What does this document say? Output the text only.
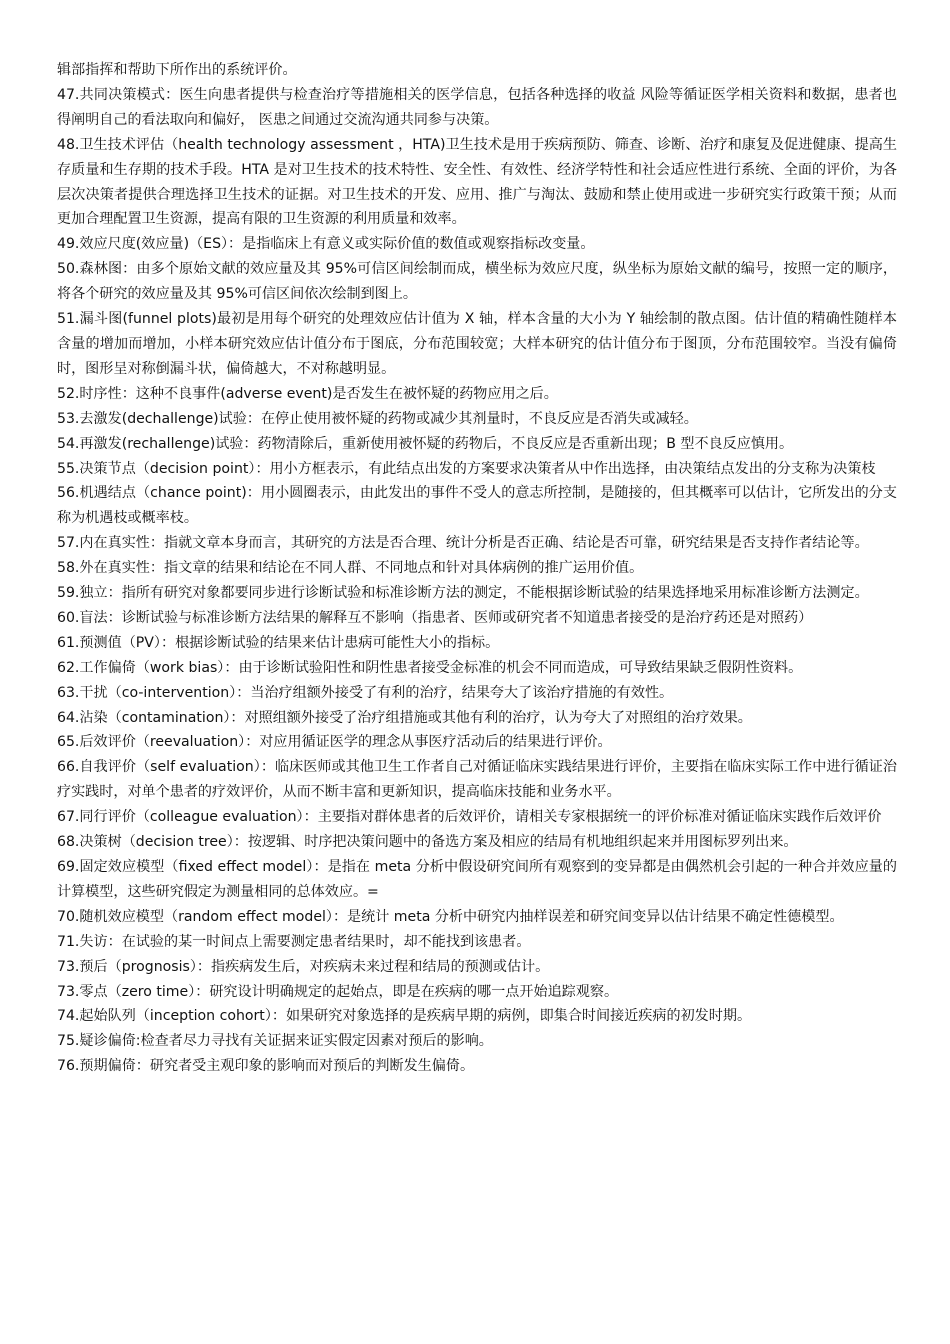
辑部指挥和帮助下所作出的系统评价。

47.共同决策模式：医生向患者提供与检查治疗等措施相关的医学信息，包括各种选择的收益 风险等循证医学相关资料和数据，患者也得阐明自己的看法取向和偏好， 医患之间通过交流沟通共同参与决策。

48.卫生技术评估（health technology assessment ，HTA)卫生技术是用于疾病预防、筛查、诊断、治疗和康复及促进健康、提高生存质量和生存期的技术手段。HTA 是对卫生技术的技术特性、安全性、有效性、经济学特性和社会适应性进行系统、全面的评价，为各层次决策者提供合理选择卫生技术的证据。对卫生技术的开发、应用、推广与淘汰、鼓励和禁止使用或进一步研究实行政策干预；从而更加合理配置卫生资源，提高有限的卫生资源的利用质量和效率。

49.效应尺度(效应量)（ES）：是指临床上有意义或实际价值的数值或观察指标改变量。

50.森林图：由多个原始文献的效应量及其 95%可信区间绘制而成，横坐标为效应尺度，纵坐标为原始文献的编号，按照一定的顺序，将各个研究的效应量及其 95%可信区间依次绘制到图上。

51.漏斗图(funnel plots)最初是用每个研究的处理效应估计值为 X 轴，样本含量的大小为 Y 轴绘制的散点图。估计值的精确性随样本含量的增加而增加，小样本研究效应估计值分布于图底，分布范围较宽；大样本研究的估计值分布于图顶，分布范围较窄。当没有偏倚时，图形呈对称倒漏斗状，偏倚越大，不对称越明显。

52.时序性：这种不良事件(adverse event)是否发生在被怀疑的药物应用之后。

53.去激发(dechallenge)试验：在停止使用被怀疑的药物或减少其剂量时，不良反应是否消失或减轻。

54.再激发(rechallenge)试验：药物清除后，重新使用被怀疑的药物后，不良反应是否重新出现；B 型不良反应慎用。

55.决策节点（decision point）：用小方框表示，有此结点出发的方案要求决策者从中作出选择，由决策结点发出的分支称为决策枝

56.机遇结点（chance point)：用小圆圈表示，由此发出的事件不受人的意志所控制，是随接的，但其概率可以估计，它所发出的分支称为机遇枝或概率枝。

57.内在真实性：指就文章本身而言，其研究的方法是否合理、统计分析是否正确、结论是否可靠，研究结果是否支持作者结论等。

58.外在真实性：指文章的结果和结论在不同人群、不同地点和针对具体病例的推广运用价值。

59.独立：指所有研究对象都要同步进行诊断试验和标准诊断方法的测定，不能根据诊断试验的结果选择地采用标准诊断方法测定。

60.盲法：诊断试验与标准诊断方法结果的解释互不影响（指患者、医师或研究者不知道患者接受的是治疗药还是对照药）

61.预测值（PV）：根据诊断试验的结果来估计患病可能性大小的指标。

62.工作偏倚（work bias）：由于诊断试验阳性和阴性患者接受金标准的机会不同而造成，可导致结果缺乏假阴性资料。

63.干扰（co-intervention）：当治疗组额外接受了有利的治疗，结果夸大了该治疗措施的有效性。

64.沾染（contamination）：对照组额外接受了治疗组措施或其他有利的治疗，认为夸大了对照组的治疗效果。

65.后效评价（reevaluation）：对应用循证医学的理念从事医疗活动后的结果进行评价。

66.自我评价（self evaluation）：临床医师或其他卫生工作者自己对循证临床实践结果进行评价，主要指在临床实际工作中进行循证治疗实践时，对单个患者的疗效评价，从而不断丰富和更新知识，提高临床技能和业务水平。

67.同行评价（colleague evaluation）：主要指对群体患者的后效评价，请相关专家根据统一的评价标准对循证临床实践作后效评价

68.决策树（decision tree）：按逻辑、时序把决策问题中的备选方案及相应的结局有机地组织起来并用图标罗列出来。

69.固定效应模型（fixed effect model）：是指在 meta 分析中假设研究间所有观察到的变异都是由偶然机会引起的一种合并效应量的计算模型，这些研究假定为测量相同的总体效应。=

70.随机效应模型（random effect model）：是统计 meta 分析中研究内抽样误差和研究间变异以估计结果不确定性德模型。

71.失访：在试验的某一时间点上需要测定患者结果时，却不能找到该患者。

73.预后（prognosis）：指疾病发生后，对疾病未来过程和结局的预测或估计。

73.零点（zero time）：研究设计明确规定的起始点，即是在疾病的哪一点开始追踪观察。

74.起始队列（inception cohort）：如果研究对象选择的是疾病早期的病例，即集合时间接近疾病的初发时期。

75.疑诊偏倚:检查者尽力寻找有关证据来证实假定因素对预后的影响。

76.预期偏倚：研究者受主观印象的影响而对预后的判断发生偏倚。
